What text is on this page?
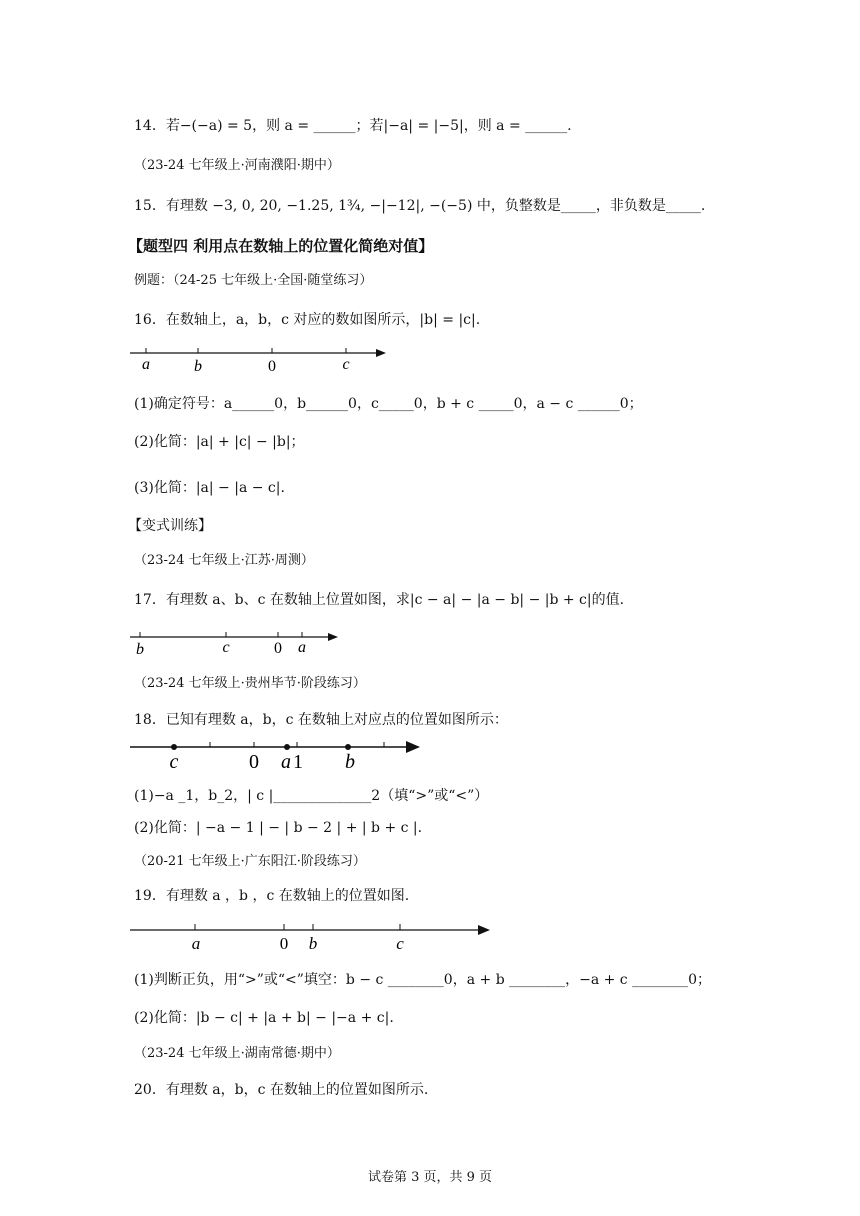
14．若−(−a) = 5，则 a = ______；若|−a| = |−5|，则 a = ______.
（23-24 七年级上·河南濮阳·期中）
15．有理数 −3, 0, 20, −1.25, 1¾, −|−12|, −(−5) 中，负整数是_____，非负数是_____.
【题型四 利用点在数轴上的位置化简绝对值】
例题：（24-25 七年级上·全国·随堂练习）
16．在数轴上，a，b，c 对应的数如图所示，|b| = |c|.
a	b	0	c
b	c	0 a
c	0 a 1 b
a	0 b	c
(1)确定符号：a______0，b______0，c_____0，b + c _____0，a − c ______0；
(2)化简：|a| + |c| − |b|；
(3)化简：|a| − |a − c|.
【变式训练】
（23-24 七年级上·江苏·周测）
17．有理数 a、b、c 在数轴上位置如图，求|c − a| − |a − b| − |b + c|的值.
（23-24 七年级上·贵州毕节·阶段练习）
18．已知有理数 a，b，c 在数轴上对应点的位置如图所示：
(1)−a _1，b_2，| c |______________2（填“>”或“<”）
(2)化简：| −a − 1 | − | b − 2 | + | b + c |.
（20-21 七年级上·广东阳江·阶段练习）
19．有理数 a ，b ，c 在数轴上的位置如图.
(1)判断正负，用“>”或“<”填空：b − c ________0，a + b ________，−a + c ________0；
(2)化简：|b − c| + |a + b| − |−a + c|.
（23-24 七年级上·湖南常德·期中）
20．有理数 a，b，c 在数轴上的位置如图所示.
试卷第 3 页，共 9 页
